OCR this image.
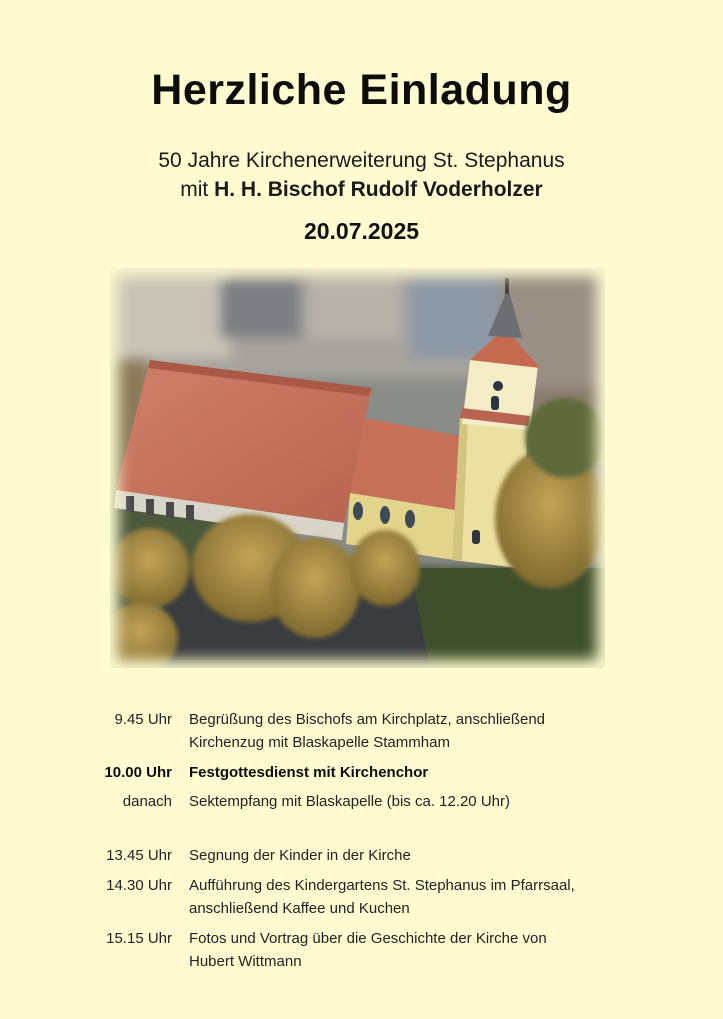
Herzliche Einladung
50 Jahre Kirchenerweiterung St. Stephanus
mit H. H. Bischof Rudolf Voderholzer
20.07.2025
9.45 Uhr Begrüßung des Bischofs am Kirchplatz, anschließend
Kirchenzug mit Blaskapelle Stammham
10.00 Uhr Festgottesdienst mit Kirchenchor
danach Sektempfang mit Blaskapelle (bis ca. 12.20 Uhr)
13.45 Uhr Segnung der Kinder in der Kirche
14.30 Uhr Aufführung des Kindergartens St. Stephanus im Pfarrsaal,
anschließend Kaffee und Kuchen
15.15 Uhr Fotos und Vortrag über die Geschichte der Kirche von
Hubert Wittmann
